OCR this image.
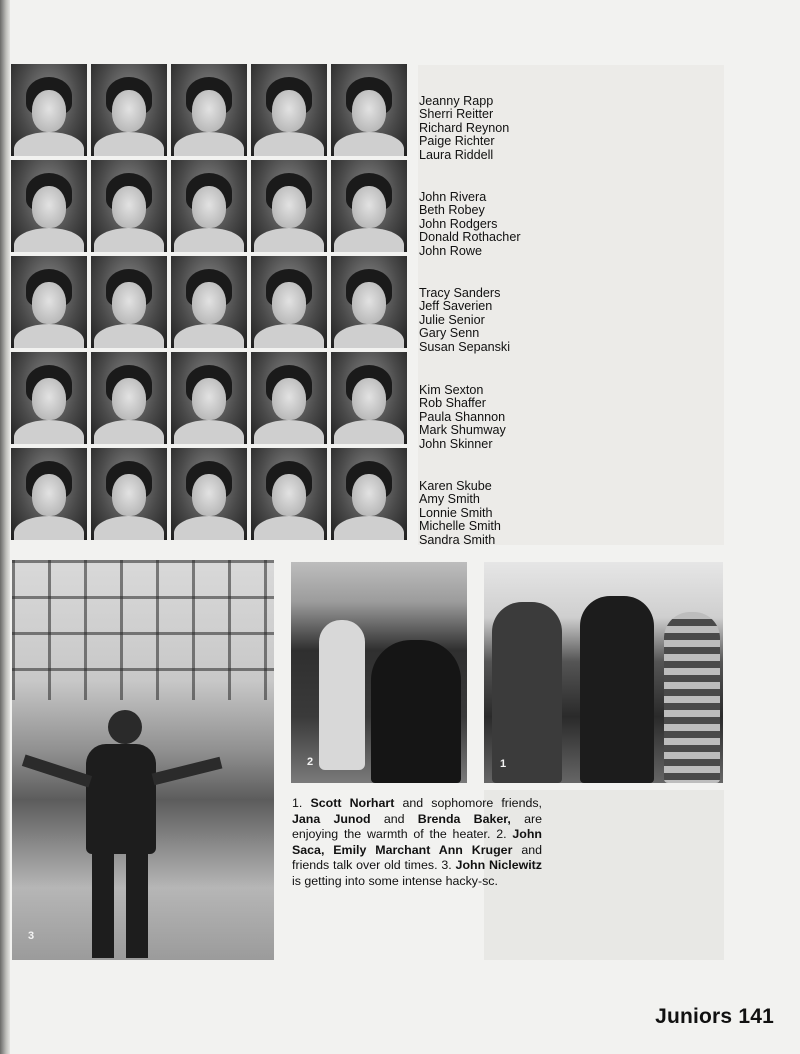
Jeanny Rapp
Sherri Reitter
Richard Reynon
Paige Richter
Laura Riddell
John Rivera
Beth Robey
John Rodgers
Donald Rothacher
John Rowe
Tracy Sanders
Jeff Saverien
Julie Senior
Gary Senn
Susan Sepanski
Kim Sexton
Rob Shaffer
Paula Shannon
Mark Shumway
John Skinner
Karen Skube
Amy Smith
Lonnie Smith
Michelle Smith
Sandra Smith
3
2	1
1. Scott Norhart and sophomore friends, Jana Junod and Brenda Baker, are enjoying the warmth of the heater. 2. John Saca, Emily Marchant Ann Kruger and friends talk over old times. 3. John Niclewitz is getting into some intense hacky-sc.
Juniors 141
